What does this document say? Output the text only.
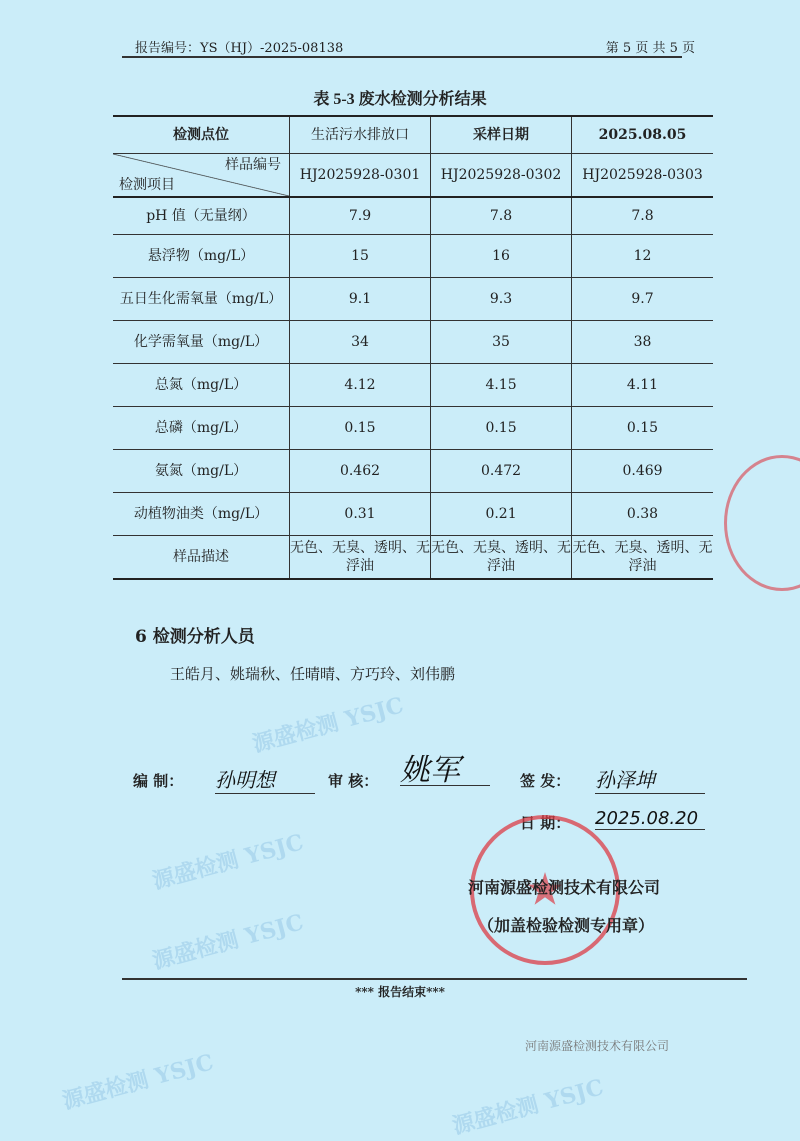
报告编号：YS（HJ）-2025-08138	第 5 页 共 5 页
源盛检测 YSJC
源盛检测 YSJC
源盛检测 YSJC
源盛检测 YSJC	源盛检测 YSJC
表 5-3 废水检测分析结果
检测点位	生活污水排放口	采样日期	2025.08.05

样品编号
检测项目	HJ2025928-0301	HJ2025928-0302	HJ2025928-0303
pH 值（无量纲）	7.9	7.8	7.8
悬浮物（mg/L）	15	16	12
五日生化需氧量（mg/L）	9.1	9.3	9.7
化学需氧量（mg/L）	34	35	38
总氮（mg/L）	4.12	4.15	4.11
总磷（mg/L）	0.15	0.15	0.15
氨氮（mg/L）	0.462	0.472	0.469
动植物油类（mg/L）	0.31	0.21	0.38
样品描述	无色、无臭、透明、无浮油	无色、无臭、透明、无浮油	无色、无臭、透明、无浮油
6 检测分析人员
王皓月、姚瑞秋、任晴晴、方巧玲、刘伟鹏
编 制： 孙明想	审 核： 姚军	签 发： 孙泽坤
日 期： 2025.08.20
河南源盛检测技术有限公司
（加盖检验检测专用章）
*** 报告结束***
河南源盛检测技术有限公司
